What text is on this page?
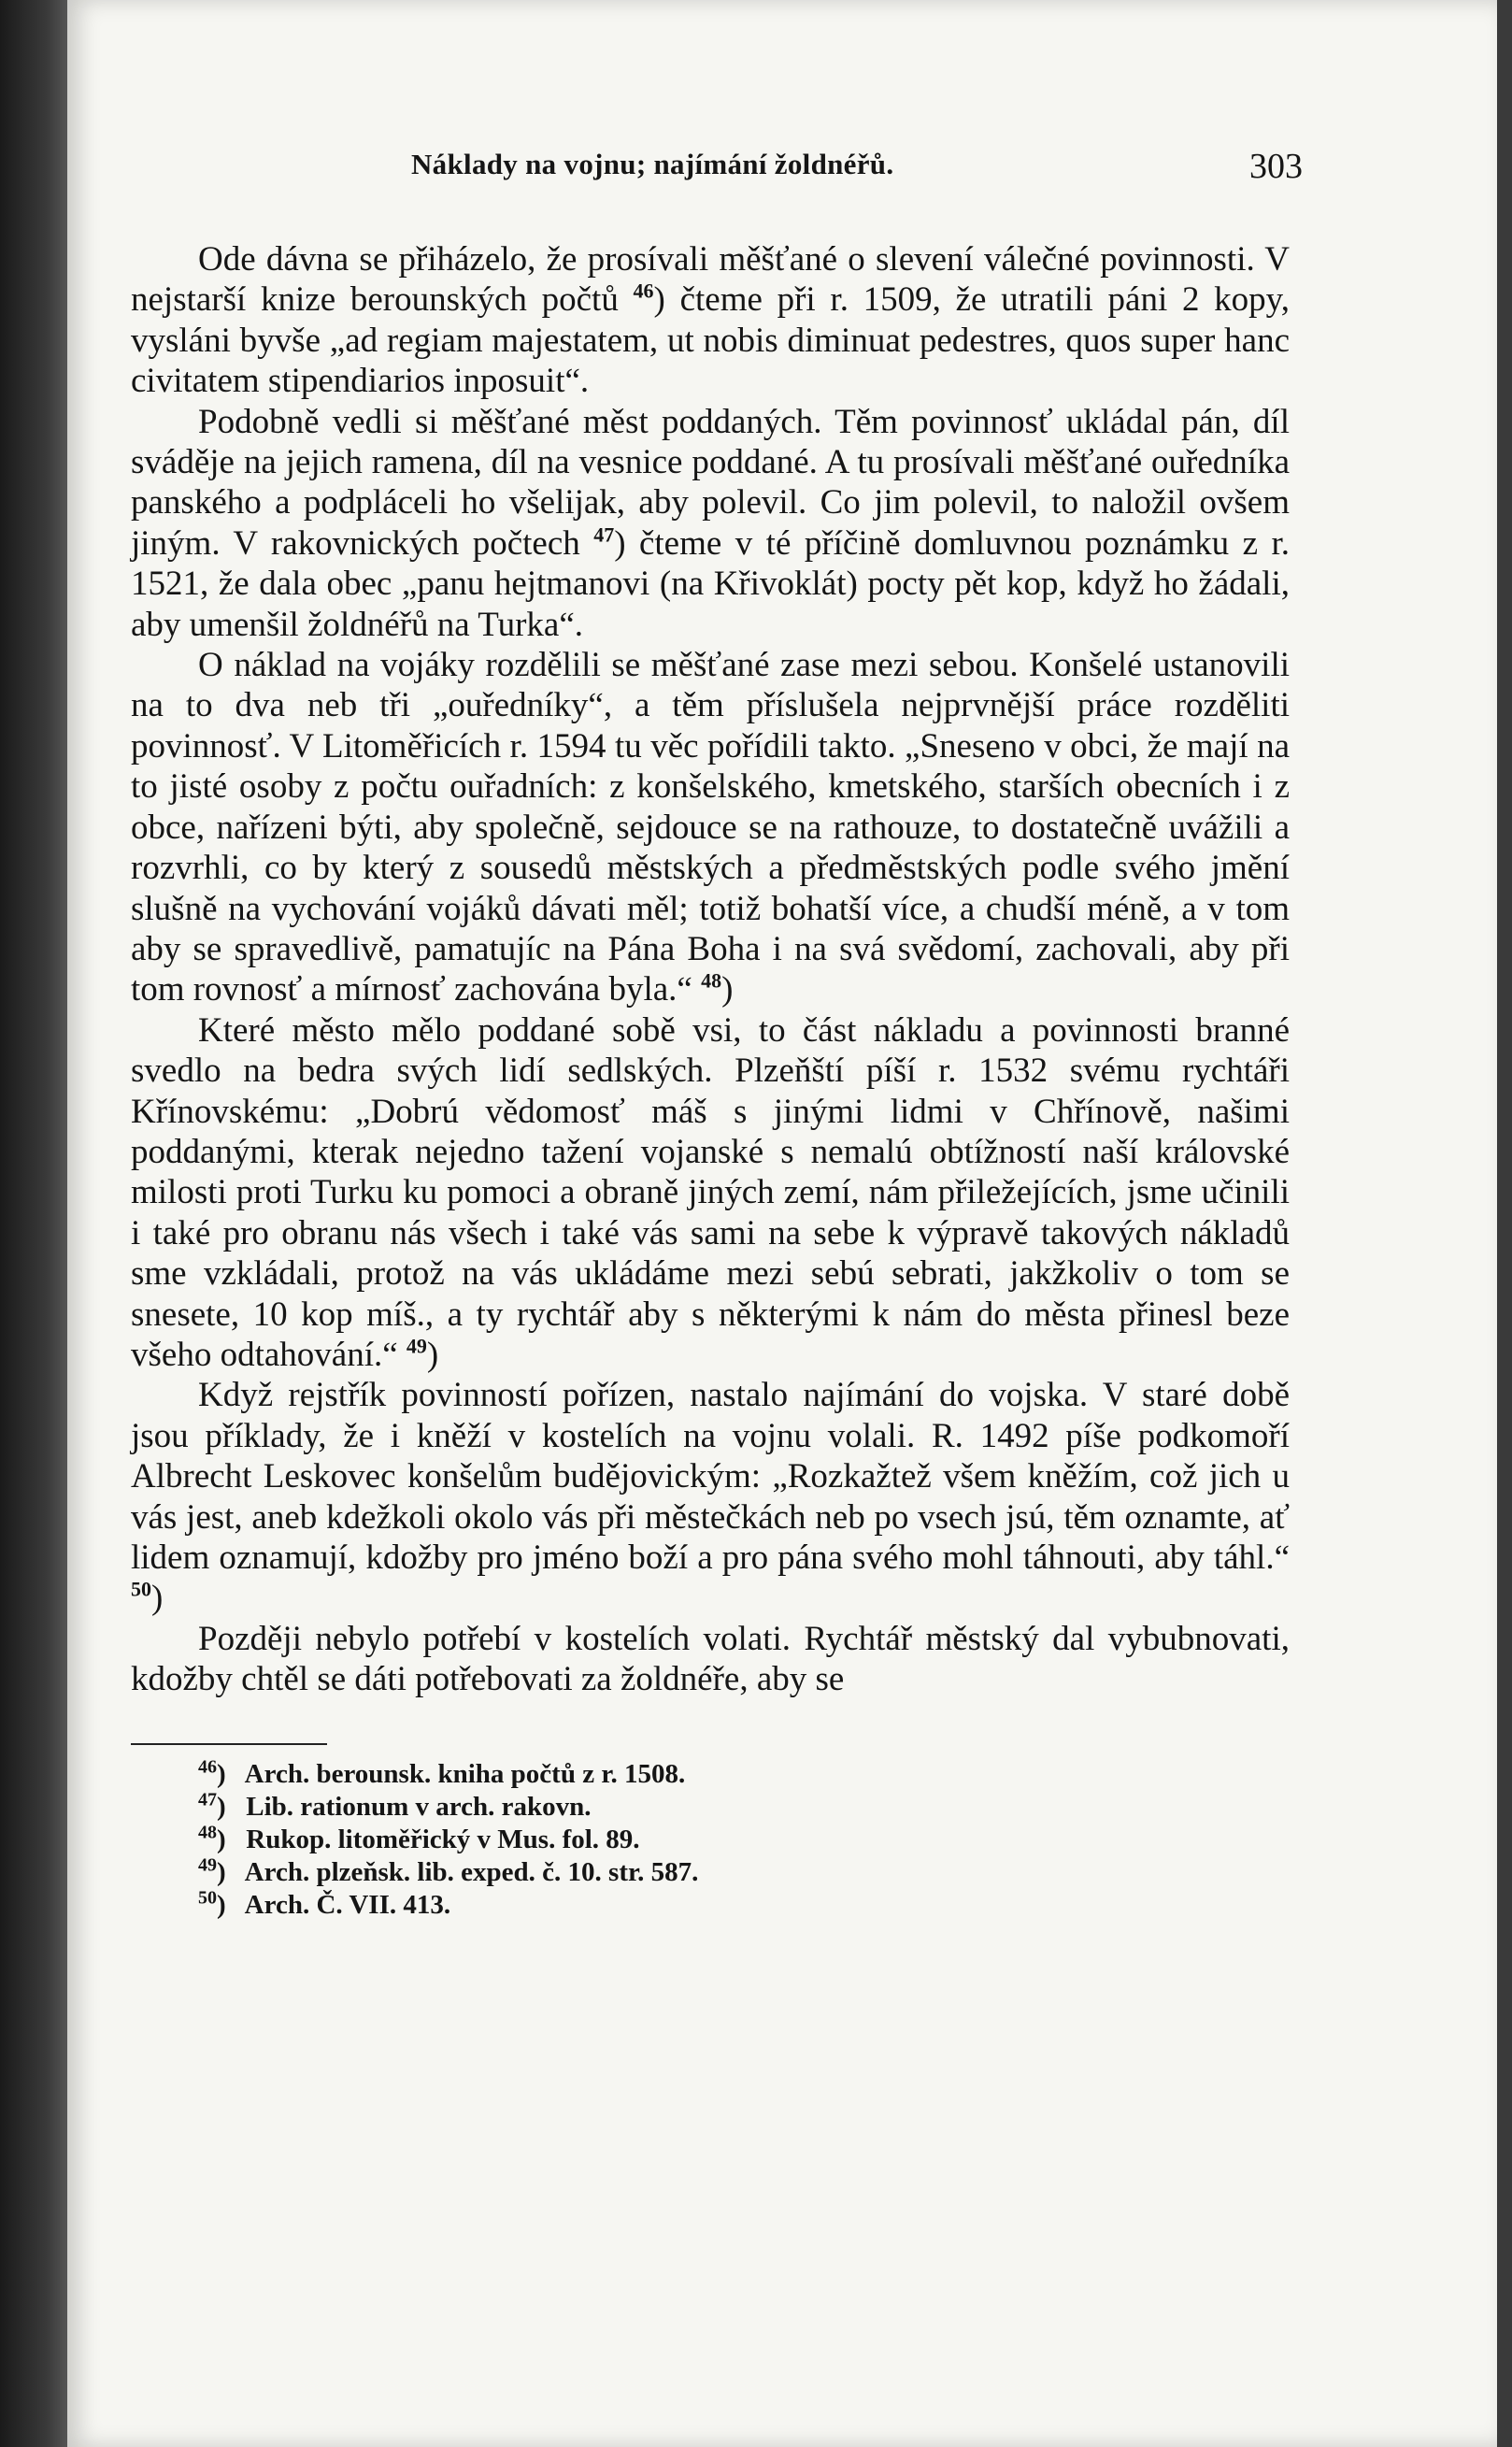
Náklady na vojnu; najímání žoldnéřů.	303

Ode dávna se přiházelo, že prosívali měšťané o slevení válečné povinnosti. V nejstarší knize berounských počtů $^{46}$) čteme při r. 1509, že utratili páni 2 kopy, vysláni byvše „ad regiam majestatem, ut nobis diminuat pedestres, quos super hanc civitatem stipendiarios inposuit“.

Podobně vedli si měšťané měst poddaných. Těm povinnosť ukládal pán, díl sváděje na jejich ramena, díl na vesnice poddané. A tu prosívali měšťané ouředníka panského a podpláceli ho všelijak, aby polevil. Co jim polevil, to naložil ovšem jiným. V rakovnických počtech $^{47}$) čteme v té příčině domluvnou poznámku z r. 1521, že dala obec „panu hejtmanovi (na Křivoklát) pocty pět kop, když ho žádali, aby umenšil žoldnéřů na Turka“.

O náklad na vojáky rozdělili se měšťané zase mezi sebou. Konšelé ustanovili na to dva neb tři „ouředníky“, a těm příslušela nejprvnější práce rozděliti povinnosť. V Litoměřicích r. 1594 tu věc pořídili takto. „Sneseno v obci, že mají na to jisté osoby z počtu ouřadních: z konšelského, kmetského, starších obecních i z obce, nařízeni býti, aby společně, sejdouce se na rathouze, to dostatečně uvážili a rozvrhli, co by který z sousedů městských a předměstských podle svého jmění slušně na vychování vojáků dávati měl; totiž bohatší více, a chudší méně, a v tom aby se spravedlivě, pamatujíc na Pána Boha i na svá svědomí, zachovali, aby při tom rovnosť a mírnosť zachována byla.“ $^{48}$)

Které město mělo poddané sobě vsi, to část nákladu a povinnosti branné svedlo na bedra svých lidí sedlských. Plzeňští píší r. 1532 svému rychtáři Křínovskému: „Dobrú vědomosť máš s jinými lidmi v Chřínově, našimi poddanými, kterak nejedno tažení vojanské s nemalú obtížností naší královské milosti proti Turku ku pomoci a obraně jiných zemí, nám přiležejících, jsme učinili i také pro obranu nás všech i také vás sami na sebe k výpravě takových nákladů sme vzkládali, protož na vás ukládáme mezi sebú sebrati, jakžkoliv o tom se snesete, 10 kop míš., a ty rychtář aby s některými k nám do města přinesl beze všeho odtahování.“ $^{49}$)

Když rejstřík povinností pořízen, nastalo najímání do vojska. V staré době jsou příklady, že i kněží v kostelích na vojnu volali. R. 1492 píše podkomoří Albrecht Leskovec konšelům budějovickým: „Rozkažtež všem kněžím, což jich u vás jest, aneb kdežkoli okolo vás při městečkách neb po vsech jsú, těm oznamte, ať lidem oznamují, kdožby pro jméno boží a pro pána svého mohl táhnouti, aby táhl.“ $^{50}$)

Později nebylo potřebí v kostelích volati. Rychtář městský dal vybubnovati, kdožby chtěl se dáti potřebovati za žoldnéře, aby se

$^{46}$) Arch. berounsk. kniha počtů z r. 1508.
$^{47}$) Lib. rationum v arch. rakovn.
$^{48}$) Rukop. litoměřický v Mus. fol. 89.
$^{49}$) Arch. plzeňsk. lib. exped. č. 10. str. 587.
$^{50}$) Arch. Č. VII. 413.
